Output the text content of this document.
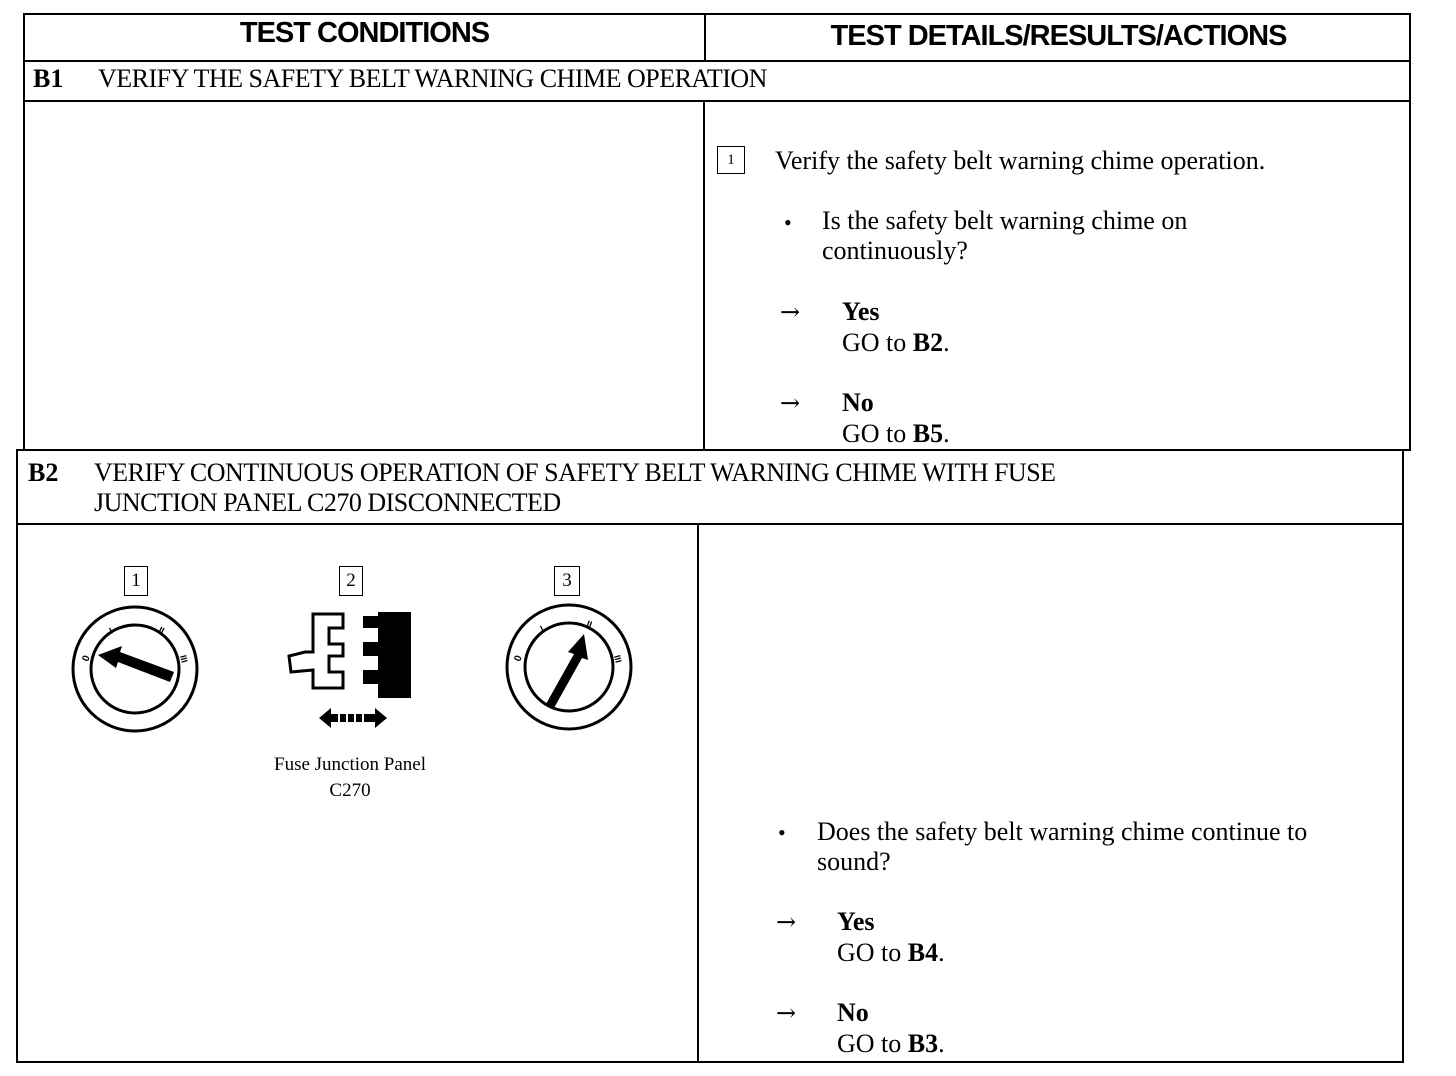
TEST CONDITIONS	TEST DETAILS/RESULTS/ACTIONS
B1 VERIFY THE SAFETY BELT WARNING CHIME OPERATION
1	Verify the safety belt warning chime operation.
• Is the safety belt warning chime on
continuously?
→ Yes
GO to B2.
→ No
GO to B5.
B2 VERIFY CONTINUOUS OPERATION OF SAFETY BELT WARNING CHIME WITH FUSE
JUNCTION PANEL C270 DISCONNECTED
1	2	3
0
I	II
III
Fuse Junction Panel
C270
0
I	II
III
• Does the safety belt warning chime continue to
sound?
→ Yes
GO to B4.
→ No
GO to B3.
